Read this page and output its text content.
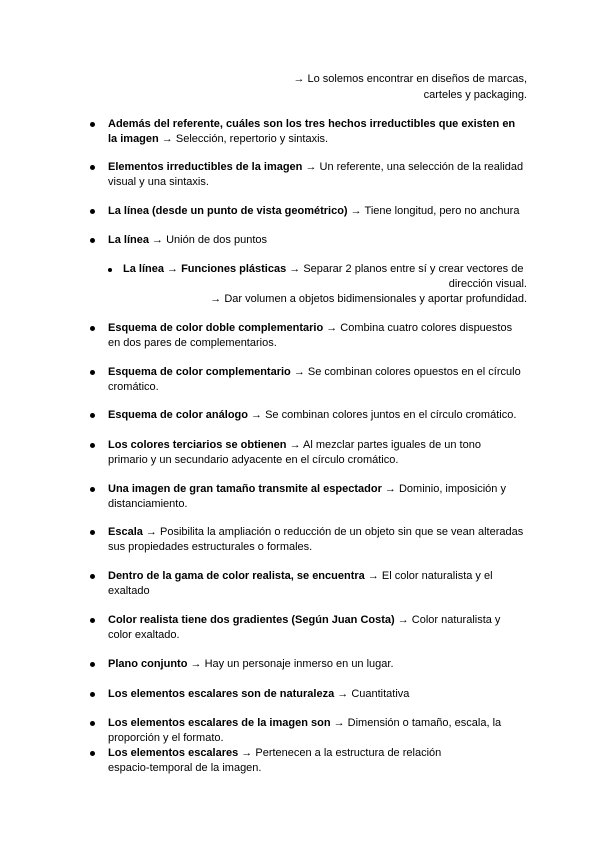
→ Lo solemos encontrar en diseños de marcas,
carteles y packaging.
Además del referente, cuáles son los tres hechos irreductibles que existen en
la imagen → Selección, repertorio y sintaxis.
Elementos irreductibles de la imagen → Un referente, una selección de la realidad
visual y una sintaxis.
La línea (desde un punto de vista geométrico) → Tiene longitud, pero no anchura
La línea → Unión de dos puntos
La línea → Funciones plásticas → Separar 2 planos entre sí y crear vectores de
dirección visual.
→ Dar volumen a objetos bidimensionales y aportar profundidad.
Esquema de color doble complementario → Combina cuatro colores dispuestos
en dos pares de complementarios.
Esquema de color complementario → Se combinan colores opuestos en el círculo
cromático.
Esquema de color análogo → Se combinan colores juntos en el círculo cromático.
Los colores terciarios se obtienen → Al mezclar partes iguales de un tono
primario y un secundario adyacente en el círculo cromático.
Una imagen de gran tamaño transmite al espectador → Dominio, imposición y
distanciamiento.
Escala → Posibilita la ampliación o reducción de un objeto sin que se vean alteradas
sus propiedades estructurales o formales.
Dentro de la gama de color realista, se encuentra → El color naturalista y el
exaltado
Color realista tiene dos gradientes (Según Juan Costa) → Color naturalista y
color exaltado.
Plano conjunto → Hay un personaje inmerso en un lugar.
Los elementos escalares son de naturaleza → Cuantitativa
Los elementos escalares de la imagen son → Dimensión o tamaño, escala, la
proporción y el formato.
Los elementos escalares → Pertenecen a la estructura de relación
espacio-temporal de la imagen.
